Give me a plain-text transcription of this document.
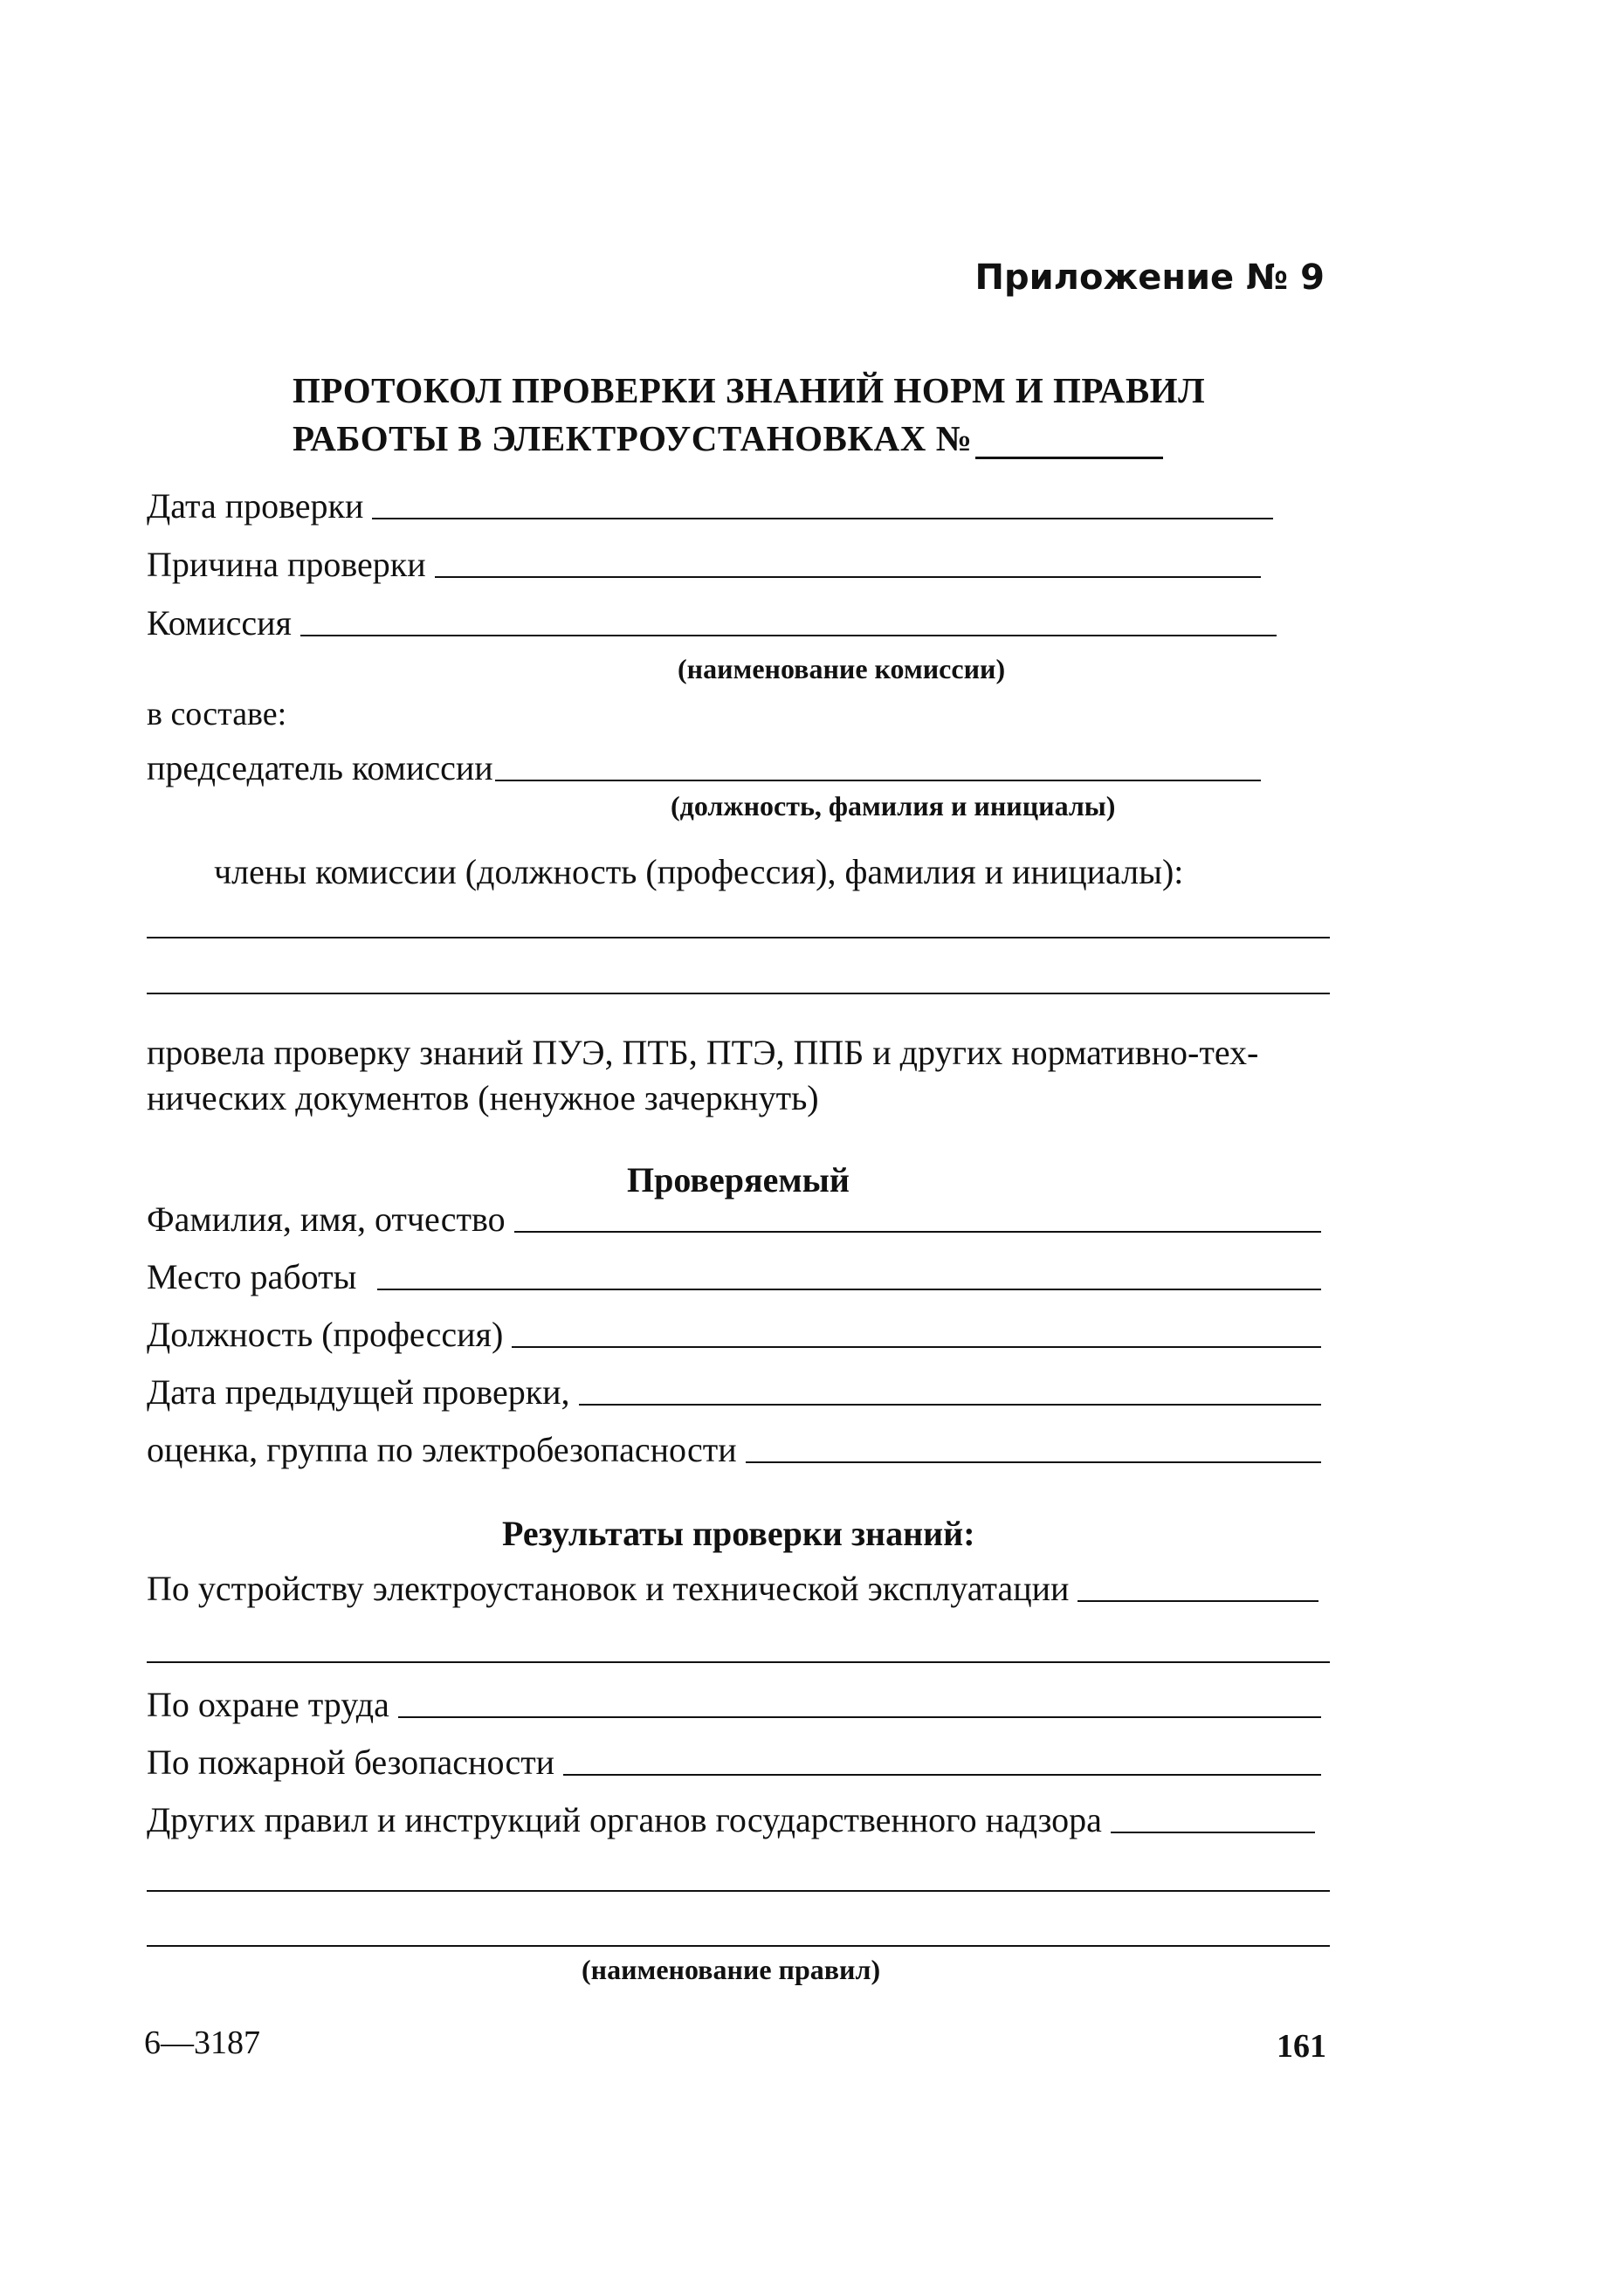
Приложение № 9
ПРОТОКОЛ ПРОВЕРКИ ЗНАНИЙ НОРМ И ПРАВИЛ
РАБОТЫ В ЭЛЕКТРОУСТАНОВКАХ №
Дата проверки
Причина проверки
Комиссия
(наименование комиссии)
в составе:
председатель комиссии
(должность, фамилия и инициалы)
члены комиссии (должность (профессия), фамилия и инициалы):
провела проверку знаний ПУЭ, ПТБ, ПТЭ, ППБ и других нормативно-тех-
нических документов (ненужное зачеркнуть)
Проверяемый
Фамилия, имя, отчество
Место работы
Должность (профессия)
Дата предыдущей проверки,
оценка, группа по электробезопасности
Результаты проверки знаний:
По устройству электроустановок и технической эксплуатации
По охране труда
По пожарной безопасности
Других правил и инструкций органов государственного надзора
(наименование правил)
6—3187	161
